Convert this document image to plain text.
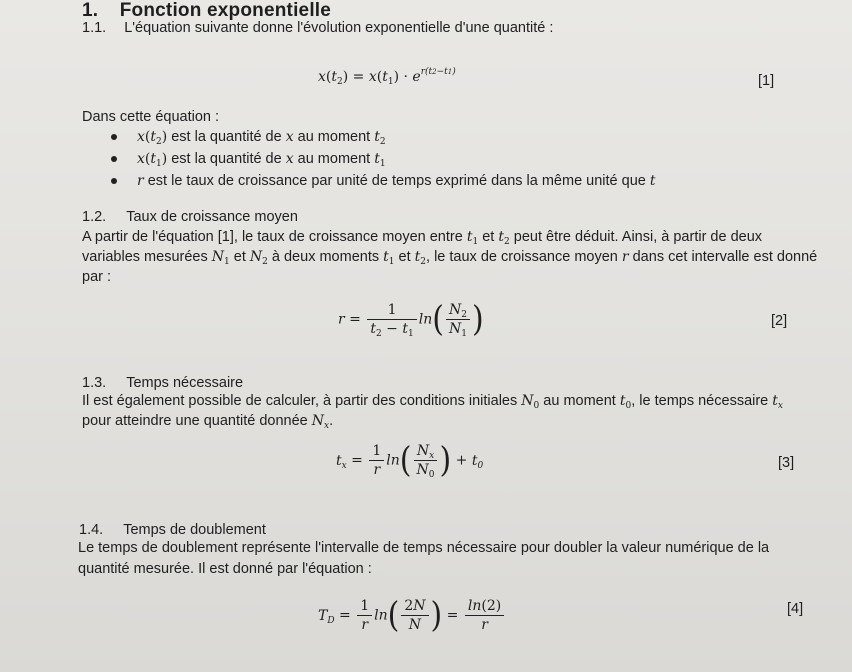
1. Fonction exponentielle
1.1. L'équation suivante donne l'évolution exponentielle d'une quantité :
$x(t2) = x(t1) \cdot e^{r(t2-t1)}$
[1]
Dans cette équation :
$x(t_2)$ est la quantité de x au moment $t_2$
$x(t_1)$ est la quantité de x au moment $t_1$
r est le taux de croissance par unité de temps exprimé dans la même unité que t
1.2. Taux de croissance moyen
A partir de l'équation [1], le taux de croissance moyen entre $t_1$ et $t_2$ peut être déduit. Ainsi, à partir de deux
variables mesurées $N_1$ et $N_2$ à deux moments $t_1$ et $t_2$, le taux de croissance moyen r dans cet intervalle est donné
par :
$r = \frac{1}{t_2 - t_1} \ln( \frac{N_2}{N_1}$ )	[2]
1.3. Temps nécessaire
Il est également possible de calculer, à partir des conditions initiales $N_0$ au moment $t_0$, le temps nécessaire $t_x$
pour atteindre une quantité donnée $N_x$.
$t_x = \frac{1}{r} \ln( \frac{N_x}{N_0}$ ) + $t_0$	[3]
1.4. Temps de doublement
Le temps de doublement représente l'intervalle de temps nécessaire pour doubler la valeur numérique de la
quantité mesurée. Il est donné par l'équation :
$T_D = \frac{1}{r} \ln( \frac{2N}{N}$ ) = $\frac{\ln(2)}{r}$	[4]
